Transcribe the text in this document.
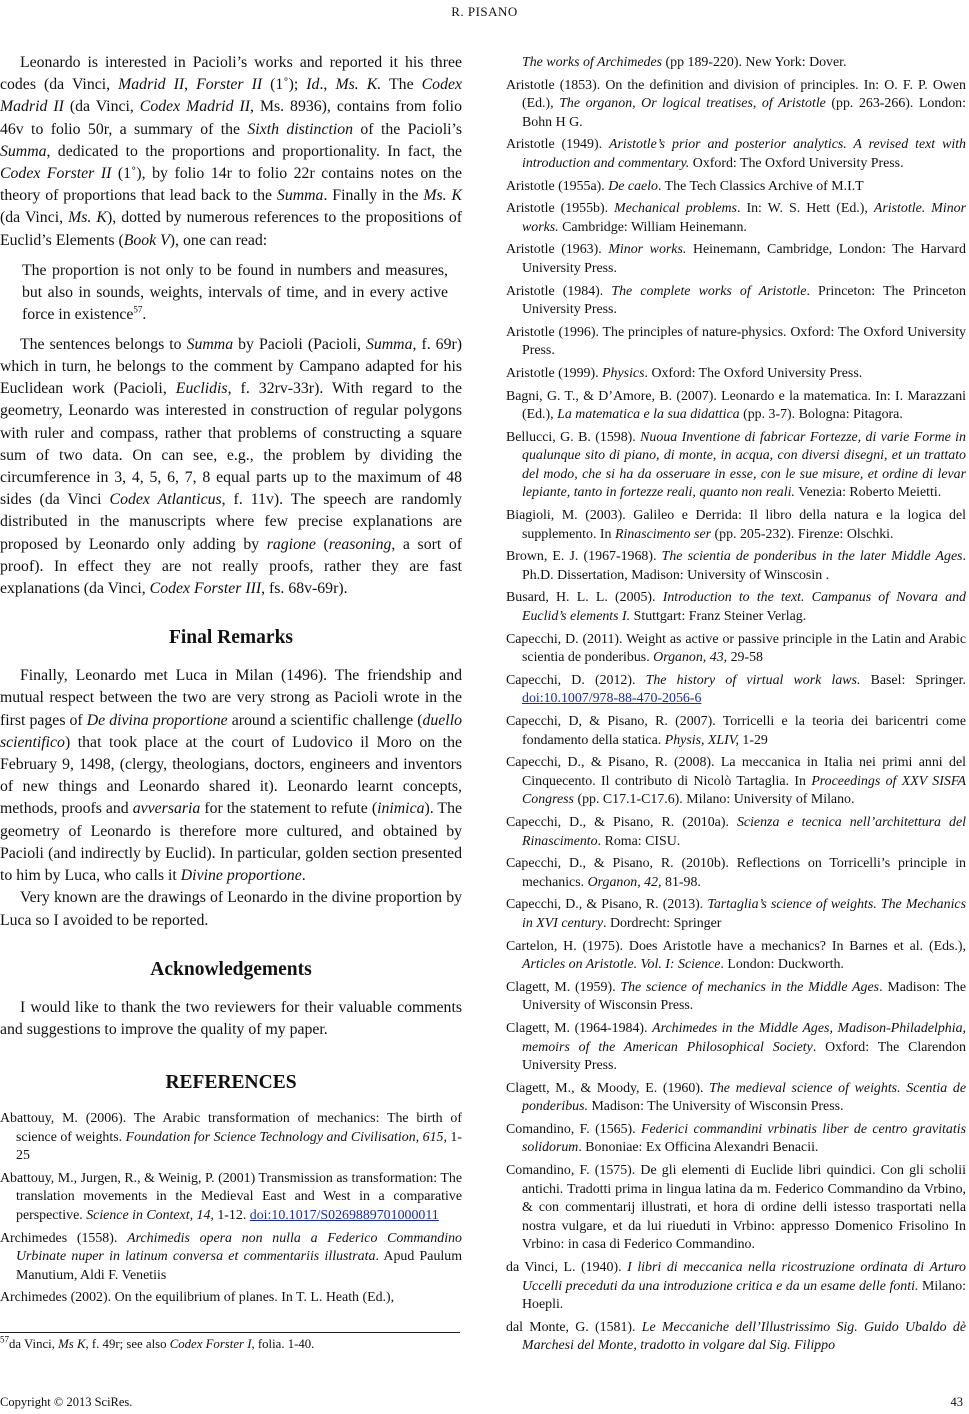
R. PISANO

Leonardo is interested in Pacioli’s works and reported it his three codes (da Vinci, Madrid II, Forster II (1˚); Id., Ms. K. The Codex Madrid II (da Vinci, Codex Madrid II, Ms. 8936), contains from folio 46v to folio 50r, a summary of the Sixth distinction of the Pacioli’s Summa, dedicated to the proportions and proportionality. In fact, the Codex Forster II (1˚), by folio 14r to folio 22r contains notes on the theory of proportions that lead back to the Summa. Finally in the Ms. K (da Vinci, Ms. K), dotted by numerous references to the propositions of Euclid’s Elements (Book V), one can read:

The proportion is not only to be found in numbers and measures, but also in sounds, weights, intervals of time, and in every active force in existence$^{57}$.

The sentences belongs to Summa by Pacioli (Pacioli, Summa, f. 69r) which in turn, he belongs to the comment by Campano adapted for his Euclidean work (Pacioli, Euclidis, f. 32rv-33r). With regard to the geometry, Leonardo was interested in construction of regular polygons with ruler and compass, rather that problems of constructing a square sum of two data. On can see, e.g., the problem by dividing the circumference in 3, 4, 5, 6, 7, 8 equal parts up to the maximum of 48 sides (da Vinci Codex Atlanticus, f. 11v). The speech are randomly distributed in the manuscripts where few precise explanations are proposed by Leonardo only adding by ragione (reasoning, a sort of proof). In effect they are not really proofs, rather they are fast explanations (da Vinci, Codex Forster III, fs. 68v-69r).

Final Remarks

Finally, Leonardo met Luca in Milan (1496). The friendship and mutual respect between the two are very strong as Pacioli wrote in the first pages of De divina proportione around a scientific challenge (duello scientifico) that took place at the court of Ludovico il Moro on the February 9, 1498, (clergy, theologians, doctors, engineers and inventors of new things and Leonardo shared it). Leonardo learnt concepts, methods, proofs and avversaria for the statement to refute (inimica). The geometry of Leonardo is therefore more cultured, and obtained by Pacioli (and indirectly by Euclid). In particular, golden section presented to him by Luca, who calls it Divine proportione.

Very known are the drawings of Leonardo in the divine proportion by Luca so I avoided to be reported.

Acknowledgements

I would like to thank the two reviewers for their valuable comments and suggestions to improve the quality of my paper.

REFERENCES
Abattouy, M. (2006). The Arabic transformation of mechanics: The birth of science of weights. Foundation for Science Technology and Civilisation, 615, 1-25
Abattouy, M., Jurgen, R., & Weinig, P. (2001) Transmission as transformation: The translation movements in the Medieval East and West in a comparative perspective. Science in Context, 14, 1-12. doi:10.1017/S0269889701000011
Archimedes (1558). Archimedis opera non nulla a Federico Commandino Urbinate nuper in latinum conversa et commentariis illustrata. Apud Paulum Manutium, Aldi F. Venetiis
Archimedes (2002). On the equilibrium of planes. In T. L. Heath (Ed.),
The works of Archimedes (pp 189-220). New York: Dover.
Aristotle (1853). On the definition and division of principles. In: O. F. P. Owen (Ed.), The organon, Or logical treatises, of Aristotle (pp. 263-266). London: Bohn H G.
Aristotle (1949). Aristotle’s prior and posterior analytics. A revised text with introduction and commentary. Oxford: The Oxford University Press.
Aristotle (1955a). De caelo. The Tech Classics Archive of M.I.T
Aristotle (1955b). Mechanical problems. In: W. S. Hett (Ed.), Aristotle. Minor works. Cambridge: William Heinemann.
Aristotle (1963). Minor works. Heinemann, Cambridge, London: The Harvard University Press.
Aristotle (1984). The complete works of Aristotle. Princeton: The Princeton University Press.
Aristotle (1996). The principles of nature-physics. Oxford: The Oxford University Press.
Aristotle (1999). Physics. Oxford: The Oxford University Press.
Bagni, G. T., & D’Amore, B. (2007). Leonardo e la matematica. In: I. Marazzani (Ed.), La matematica e la sua didattica (pp. 3-7). Bologna: Pitagora.
Bellucci, G. B. (1598). Nuoua Inventione di fabricar Fortezze, di varie Forme in qualunque sito di piano, di monte, in acqua, con diversi disegni, et un trattato del modo, che si ha da osseruare in esse, con le sue misure, et ordine di levar lepiante, tanto in fortezze reali, quanto non reali. Venezia: Roberto Meietti.
Biagioli, M. (2003). Galileo e Derrida: Il libro della natura e la logica del supplemento. In Rinascimento ser (pp. 205-232). Firenze: Olschki.
Brown, E. J. (1967-1968). The scientia de ponderibus in the later Middle Ages. Ph.D. Dissertation, Madison: University of Winscosin .
Busard, H. L. L. (2005). Introduction to the text. Campanus of Novara and Euclid’s elements I. Stuttgart: Franz Steiner Verlag.
Capecchi, D. (2011). Weight as active or passive principle in the Latin and Arabic scientia de ponderibus. Organon, 43, 29-58
Capecchi, D. (2012). The history of virtual work laws. Basel: Springer. doi:10.1007/978-88-470-2056-6
Capecchi, D, & Pisano, R. (2007). Torricelli e la teoria dei baricentri come fondamento della statica. Physis, XLIV, 1-29
Capecchi, D., & Pisano, R. (2008). La meccanica in Italia nei primi anni del Cinquecento. Il contributo di Nicolò Tartaglia. In Proceedings of XXV SISFA Congress (pp. C17.1-C17.6). Milano: University of Milano.
Capecchi, D., & Pisano, R. (2010a). Scienza e tecnica nell’architettura del Rinascimento. Roma: CISU.
Capecchi, D., & Pisano, R. (2010b). Reflections on Torricelli’s principle in mechanics. Organon, 42, 81-98.
Capecchi, D., & Pisano, R. (2013). Tartaglia’s science of weights. The Mechanics in XVI century. Dordrecht: Springer
Cartelon, H. (1975). Does Aristotle have a mechanics? In Barnes et al. (Eds.), Articles on Aristotle. Vol. I: Science. London: Duckworth.
Clagett, M. (1959). The science of mechanics in the Middle Ages. Madison: The University of Wisconsin Press.
Clagett, M. (1964-1984). Archimedes in the Middle Ages, Madison-Philadelphia, memoirs of the American Philosophical Society. Oxford: The Clarendon University Press.
Clagett, M., & Moody, E. (1960). The medieval science of weights. Scentia de ponderibus. Madison: The University of Wisconsin Press.
Comandino, F. (1565). Federici commandini vrbinatis liber de centro gravitatis solidorum. Bononiae: Ex Officina Alexandri Benacii.
Comandino, F. (1575). De gli elementi di Euclide libri quindici. Con gli scholii antichi. Tradotti prima in lingua latina da m. Federico Commandino da Vrbino, & con commentarij illustrati, et hora di ordine delli istesso trasportati nella nostra vulgare, et da lui riueduti in Vrbino: appresso Domenico Frisolino In Vrbino: in casa di Federico Commandino.
da Vinci, L. (1940). I libri di meccanica nella ricostruzione ordinata di Arturo Uccelli preceduti da una introduzione critica e da un esame delle fonti. Milano: Hoepli.
dal Monte, G. (1581). Le Meccaniche dell’Illustrissimo Sig. Guido Ubaldo dè Marchesi del Monte, tradotto in volgare dal Sig. Filippo
$^{57}$da Vinci, Ms K, f. 49r; see also Codex Forster I, folia. 1-40.
Copyright © 2013 SciRes.	43
